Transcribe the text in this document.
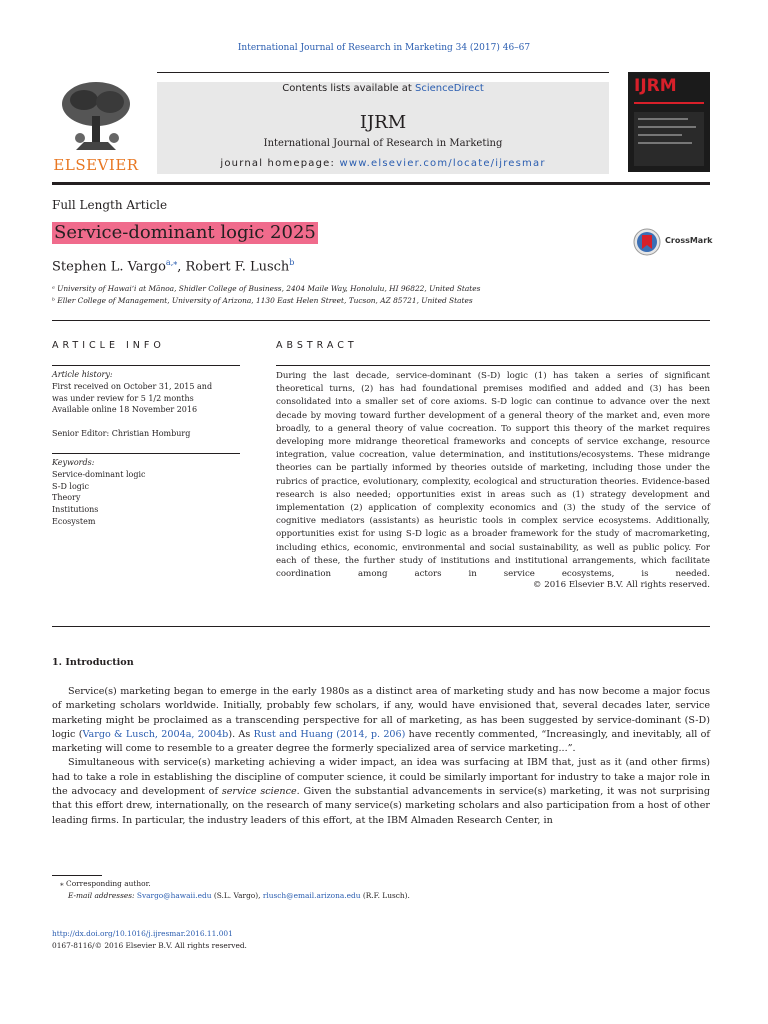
International Journal of Research in Marketing 34 (2017) 46–67
ELSEVIER
Contents lists available at ScienceDirect
IJRM
International Journal of Research in Marketing
journal homepage: www.elsevier.com/locate/ijresmar
IJRM
Full Length Article
Service-dominant logic 2025	CrossMark
Stephen L. Vargo$^{a,⁎}$, Robert F. Lusch$^b$
ᵃ University of Hawaiʻi at Mānoa, Shidler College of Business, 2404 Maile Way, Honolulu, HI 96822, United States
ᵇ Eller College of Management, University of Arizona, 1130 East Helen Street, Tucson, AZ 85721, United States
ARTICLE INFO
Article history:
First received on October 31, 2015 and
was under review for 5 1/2 months
Available online 18 November 2016
Senior Editor: Christian Homburg
Keywords:
Service-dominant logic
S-D logic
Theory
Institutions
Ecosystem
ABSTRACT
During the last decade, service-dominant (S-D) logic (1) has taken a series of significant theoretical turns, (2) has had foundational premises modified and added and (3) has been consolidated into a smaller set of core axioms. S-D logic can continue to advance over the next decade by moving toward further development of a general theory of the market and, even more broadly, to a general theory of value cocreation. To support this theory of the market requires developing more midrange theoretical frameworks and concepts of service exchange, resource integration, value cocreation, value determination, and institutions/ecosystems. These midrange theories can be partially informed by theories outside of marketing, including those under the rubrics of practice, evolutionary, complexity, ecological and structuration theories. Evidence-based research is also needed; opportunities exist in areas such as (1) strategy development and implementation (2) application of complexity economics and (3) the study of the service of cognitive mediators (assistants) as heuristic tools in complex service ecosystems. Additionally, opportunities exist for using S-D logic as a broader framework for the study of macromarketing, including ethics, economic, environmental and social sustainability, as well as public policy. For each of these, the further study of institutions and institutional arrangements, which facilitate coordination among actors in service ecosystems, is needed.
© 2016 Elsevier B.V. All rights reserved.
1. Introduction
Service(s) marketing began to emerge in the early 1980s as a distinct area of marketing study and has now become a major focus of marketing scholars worldwide. Initially, probably few scholars, if any, would have envisioned that, several decades later, service marketing might be proclaimed as a transcending perspective for all of marketing, as has been suggested by service-dominant (S-D) logic (Vargo & Lusch, 2004a, 2004b). As Rust and Huang (2014, p. 206) have recently commented, “Increasingly, and inevitably, all of marketing will come to resemble to a greater degree the formerly specialized area of service marketing...”.
Simultaneous with service(s) marketing achieving a wider impact, an idea was surfacing at IBM that, just as it (and other firms) had to take a role in establishing the discipline of computer science, it could be similarly important for industry to take a major role in the advocacy and development of service science. Given the substantial advancements in service(s) marketing, it was not surprising that this effort drew, internationally, on the research of many service(s) marketing scholars and also participation from a host of other leading firms. In particular, the industry leaders of this effort, at the IBM Almaden Research Center, in
⁎ Corresponding author.
E-mail addresses: Svargo@hawaii.edu (S.L. Vargo), rlusch@email.arizona.edu (R.F. Lusch).
http://dx.doi.org/10.1016/j.ijresmar.2016.11.001
0167-8116/© 2016 Elsevier B.V. All rights reserved.
